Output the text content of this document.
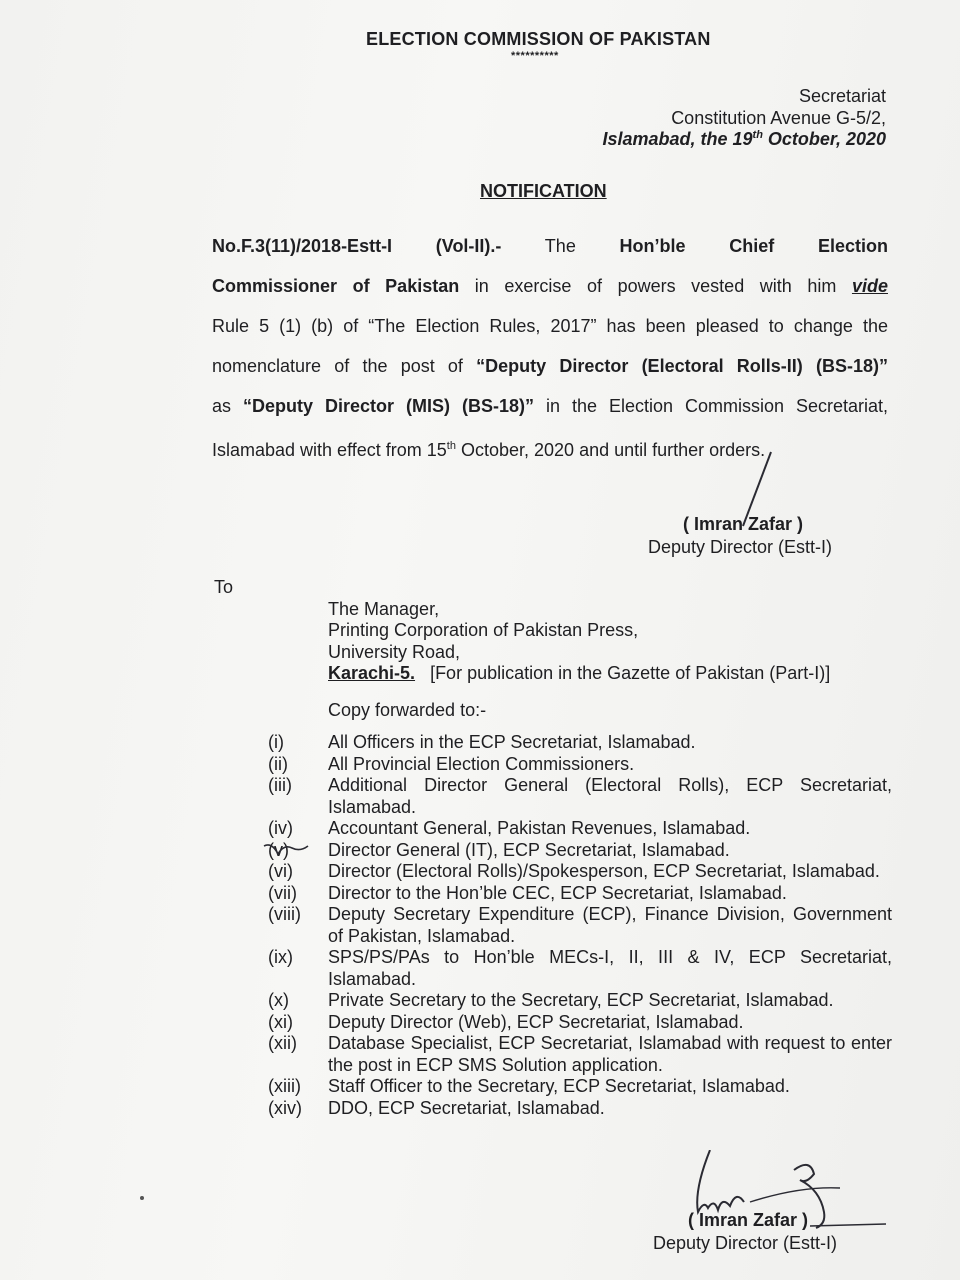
ELECTION COMMISSION OF PAKISTAN
**********
Secretariat
Constitution Avenue G-5/2,
Islamabad, the 19th October, 2020
NOTIFICATION
No.F.3(11)/2018-Estt-I (Vol-II).- The Hon’ble Chief Election
Commissioner of Pakistan in exercise of powers vested with him vide
Rule 5 (1) (b) of “The Election Rules, 2017” has been pleased to change the
nomenclature of the post of “Deputy Director (Electoral Rolls-II) (BS-18)”
as “Deputy Director (MIS) (BS-18)” in the Election Commission Secretariat,
Islamabad with effect from 15th October, 2020 and until further orders.
( Imran Zafar )
Deputy Director (Estt-I)
To
The Manager,
Printing Corporation of Pakistan Press,
University Road,
Karachi-5. [For publication in the Gazette of Pakistan (Part-I)]
Copy forwarded to:-
(i)	All Officers in the ECP Secretariat, Islamabad.
(ii)	All Provincial Election Commissioners.
(iii)	Additional Director General (Electoral Rolls), ECP Secretariat, Islamabad.
(iv)	Accountant General, Pakistan Revenues, Islamabad.
(v)	Director General (IT), ECP Secretariat, Islamabad.
(vi)	Director (Electoral Rolls)/Spokesperson, ECP Secretariat, Islamabad.
(vii)	Director to the Hon’ble CEC, ECP Secretariat, Islamabad.
(viii)	Deputy Secretary Expenditure (ECP), Finance Division, Government of Pakistan, Islamabad.
(ix)	SPS/PS/PAs to Hon’ble MECs-I, II, III & IV, ECP Secretariat, Islamabad.
(x)	Private Secretary to the Secretary, ECP Secretariat, Islamabad.
(xi)	Deputy Director (Web), ECP Secretariat, Islamabad.
(xii)	Database Specialist, ECP Secretariat, Islamabad with request to enter the post in ECP SMS Solution application.
(xiii)	Staff Officer to the Secretary, ECP Secretariat, Islamabad.
(xiv)	DDO, ECP Secretariat, Islamabad.
( Imran Zafar )
Deputy Director (Estt-I)
